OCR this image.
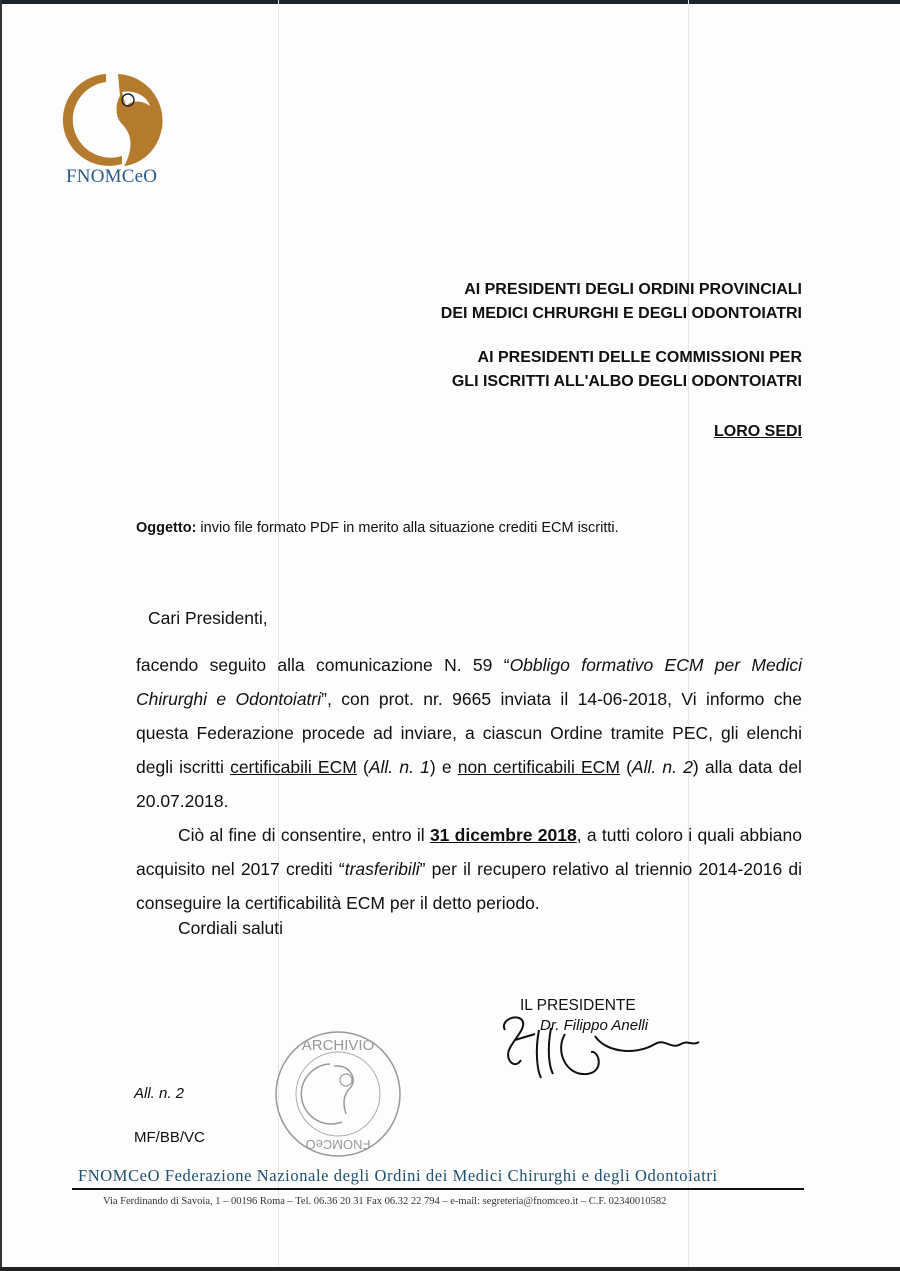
FNOMCeO
AI PRESIDENTI DEGLI ORDINI PROVINCIALI
DEI MEDICI CHRURGHI E DEGLI ODONTOIATRI
AI PRESIDENTI DELLE COMMISSIONI PER
GLI ISCRITTI ALL'ALBO DEGLI ODONTOIATRI
LORO SEDI
Oggetto: invio file formato PDF in merito alla situazione crediti ECM iscritti.
Cari Presidenti,

facendo seguito alla comunicazione N. 59 “Obbligo formativo ECM per Medici Chirurghi e Odontoiatri”, con prot. nr. 9665 inviata il 14-06-2018, Vi informo che questa Federazione procede ad inviare, a ciascun Ordine tramite PEC, gli elenchi degli iscritti certificabili ECM (All. n. 1) e non certificabili ECM (All. n. 2) alla data del 20.07.2018.

Ciò al fine di consentire, entro il 31 dicembre 2018, a tutti coloro i quali abbiano acquisito nel 2017 crediti “trasferibili” per il recupero relativo al triennio 2014-2016 di conseguire la certificabilità ECM per il detto periodo.

Cordiali saluti
IL PRESIDENTE
Dr. Filippo Anelli
ARCHIVIO
FNOMCeO
All. n. 2
MF/BB/VC
FNOMCeO Federazione Nazionale degli Ordini dei Medici Chirurghi e degli Odontoiatri
Via Ferdinando di Savoia, 1 – 00196 Roma – Tel. 06.36 20 31 Fax 06.32 22 794 – e-mail: segreteria@fnomceo.it – C.F. 02340010582
